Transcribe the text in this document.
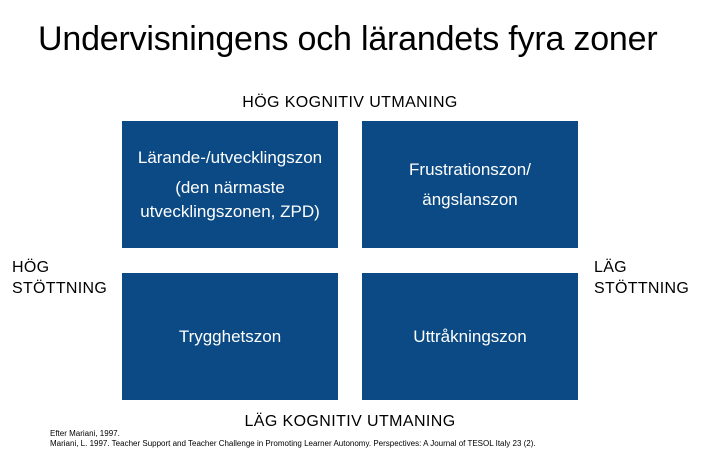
Undervisningens och lärandets fyra zoner
HÖG KOGNITIV UTMANING
HÖG
STÖTTNING
LÄG
STÖTTNING
Lärande-/utvecklingszon
(den närmaste
utvecklingszonen, ZPD)
Frustrationszon/
ängslanszon
Trygghetszon	Uttråkningszon
LÄG KOGNITIV UTMANING
Efter Mariani, 1997.
Mariani, L. 1997. Teacher Support and Teacher Challenge in Promoting Learner Autonomy. Perspectives: A Journal of TESOL Italy 23 (2).
